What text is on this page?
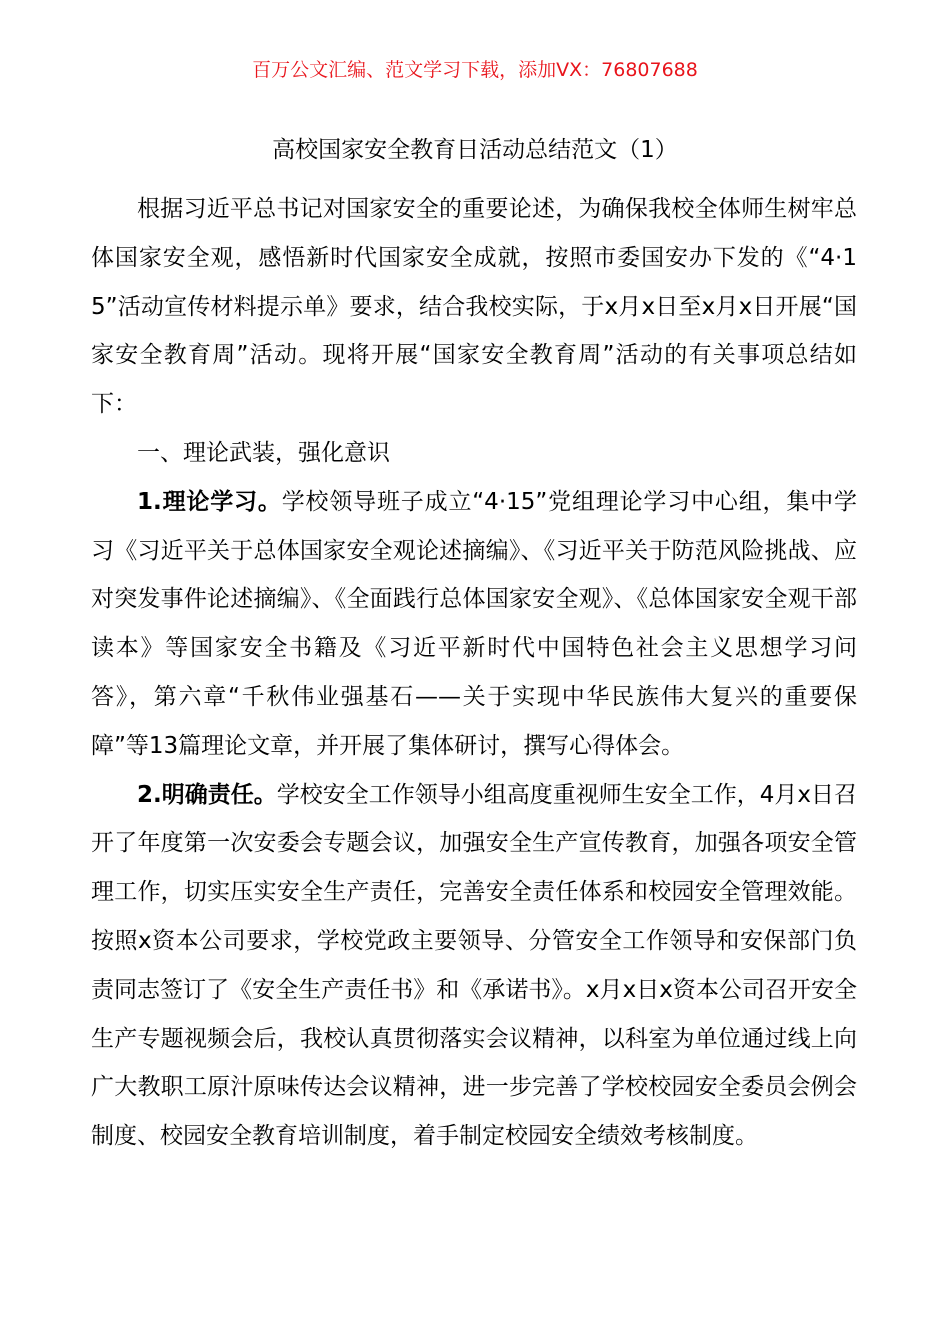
百万公文汇编、范文学习下载，添加VX：76807688
高校国家安全教育日活动总结范文（1）

根据习近平总书记对国家安全的重要论述，为确保我校全体师生树牢总体国家安全观，感悟新时代国家安全成就，按照市委国安办下发的《“4·15”活动宣传材料提示单》要求，结合我校实际，于x月x日至x月x日开展“国家安全教育周”活动。现将开展“国家安全教育周”活动的有关事项总结如下：

一、理论武装，强化意识

1.理论学习。学校领导班子成立“4·15”党组理论学习中心组，集中学习《习近平关于总体国家安全观论述摘编》、《习近平关于防范风险挑战、应对突发事件论述摘编》、《全面践行总体国家安全观》、《总体国家安全观干部读本》等国家安全书籍及《习近平新时代中国特色社会主义思想学习问答》，第六章“千秋伟业强基石——关于实现中华民族伟大复兴的重要保障”等13篇理论文章，并开展了集体研讨，撰写心得体会。

2.明确责任。学校安全工作领导小组高度重视师生安全工作，4月x日召开了年度第一次安委会专题会议，加强安全生产宣传教育，加强各项安全管理工作，切实压实安全生产责任，完善安全责任体系和校园安全管理效能。按照x资本公司要求，学校党政主要领导、分管安全工作领导和安保部门负责同志签订了《安全生产责任书》和《承诺书》。x月x日x资本公司召开安全生产专题视频会后，我校认真贯彻落实会议精神，以科室为单位通过线上向广大教职工原汁原味传达会议精神，进一步完善了学校校园安全委员会例会制度、校园安全教育培训制度，着手制定校园安全绩效考核制度。
